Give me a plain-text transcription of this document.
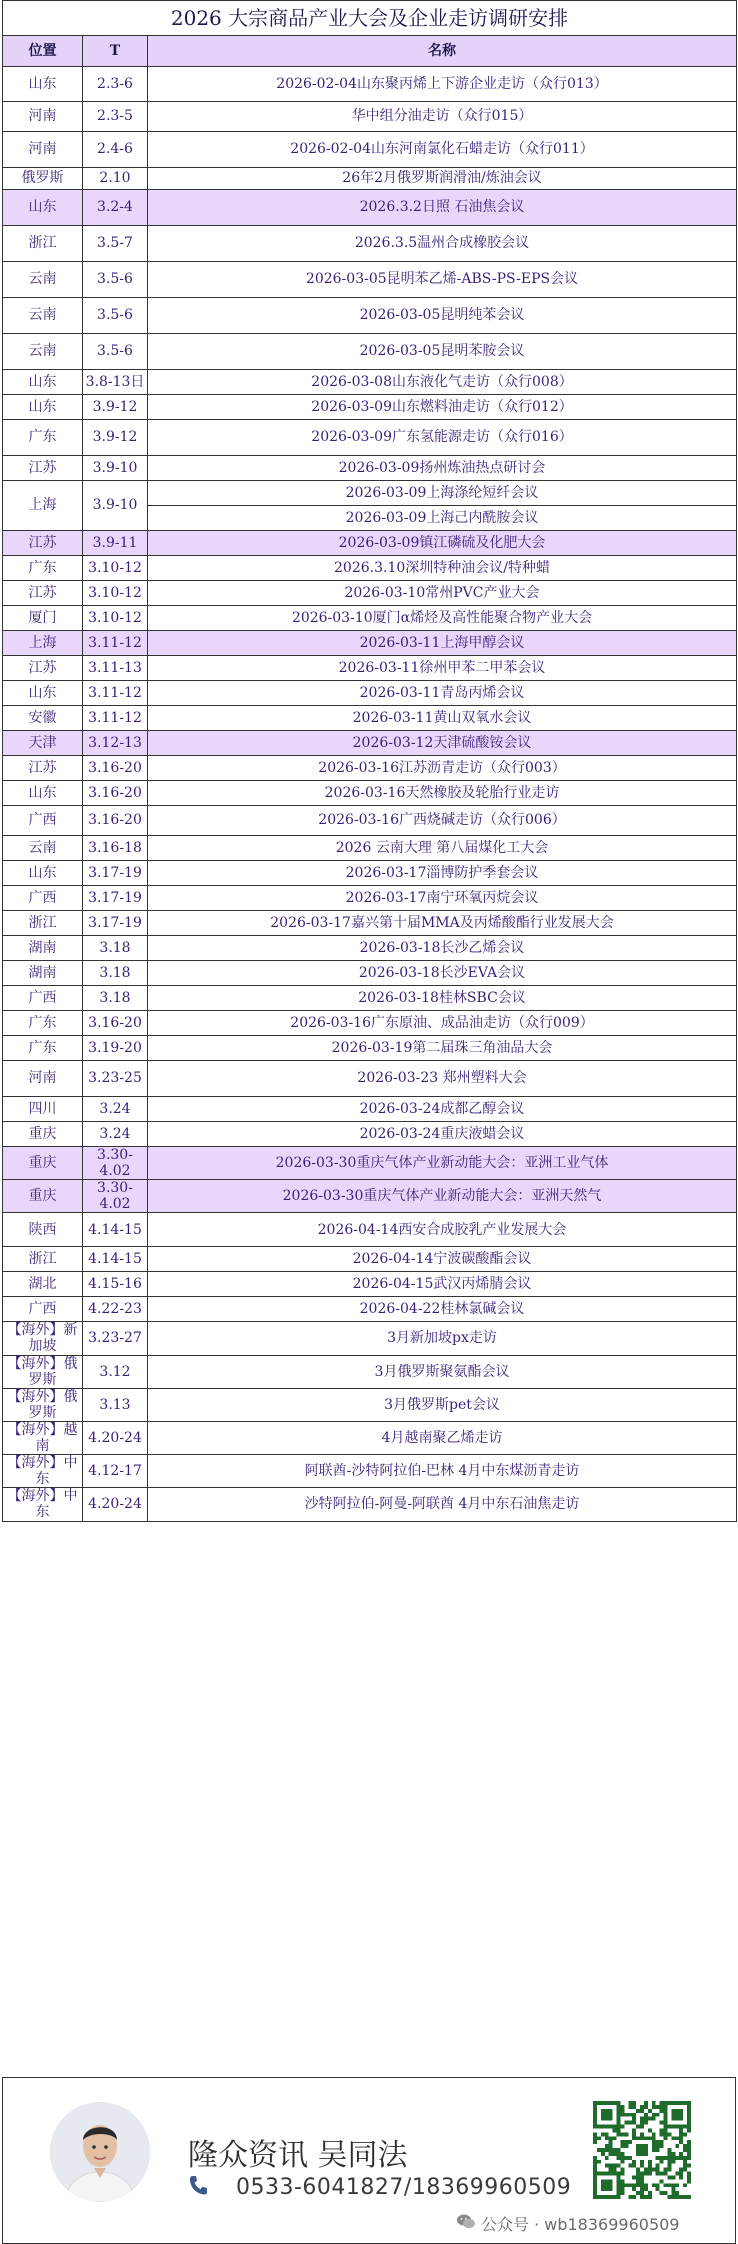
2026 大宗商品产业大会及企业走访调研安排		
位置	T	名称
山东	2.3-6	2026-02-04山东聚丙烯上下游企业走访（众行013）
河南	2.3-5	华中组分油走访（众行015）
河南	2.4-6	2026-02-04山东河南氯化石蜡走访（众行011）
俄罗斯	2.10	26年2月俄罗斯润滑油/炼油会议
山东	3.2-4	2026.3.2日照 石油焦会议
浙江	3.5-7	2026.3.5温州合成橡胶会议
云南	3.5-6	2026-03-05昆明苯乙烯-ABS-PS-EPS会议
云南	3.5-6	2026-03-05昆明纯苯会议
云南	3.5-6	2026-03-05昆明苯胺会议
山东	3.8-13日	2026-03-08山东液化气走访（众行008）
山东	3.9-12	2026-03-09山东燃料油走访（众行012）
广东	3.9-12	2026-03-09广东氢能源走访（众行016）
江苏	3.9-10	2026-03-09扬州炼油热点研讨会
上海	3.9-10	2026-03-09上海涤纶短纤会议
		2026-03-09上海己内酰胺会议
江苏	3.9-11	2026-03-09镇江磷硫及化肥大会
广东	3.10-12	2026.3.10深圳特种油会议/特种蜡
江苏	3.10-12	2026-03-10常州PVC产业大会
厦门	3.10-12	2026-03-10厦门α烯烃及高性能聚合物产业大会
上海	3.11-12	2026-03-11上海甲醇会议
江苏	3.11-13	2026-03-11徐州甲苯二甲苯会议
山东	3.11-12	2026-03-11青岛丙烯会议
安徽	3.11-12	2026-03-11黄山双氧水会议
天津	3.12-13	2026-03-12天津硫酸铵会议
江苏	3.16-20	2026-03-16江苏沥青走访（众行003）
山东	3.16-20	2026-03-16天然橡胶及轮胎行业走访
广西	3.16-20	2026-03-16广西烧碱走访（众行006）
云南	3.16-18	2026 云南大理 第八届煤化工大会
山东	3.17-19	2026-03-17淄博防护季套会议
广西	3.17-19	2026-03-17南宁环氧丙烷会议
浙江	3.17-19	2026-03-17嘉兴第十届MMA及丙烯酸酯行业发展大会
湖南	3.18	2026-03-18长沙乙烯会议
湖南	3.18	2026-03-18长沙EVA会议
广西	3.18	2026-03-18桂林SBC会议
广东	3.16-20	2026-03-16广东原油、成品油走访（众行009）
广东	3.19-20	2026-03-19第二届珠三角油品大会
河南	3.23-25	2026-03-23 郑州塑料大会
四川	3.24	2026-03-24成都乙醇会议
重庆	3.24	2026-03-24重庆液蜡会议
重庆	3.30-4.02	2026-03-30重庆气体产业新动能大会：亚洲工业气体
重庆	3.30-4.02	2026-03-30重庆气体产业新动能大会：亚洲天然气
陕西	4.14-15	2026-04-14西安合成胶乳产业发展大会
浙江	4.14-15	2026-04-14宁波碳酸酯会议
湖北	4.15-16	2026-04-15武汉丙烯腈会议
广西	4.22-23	2026-04-22桂林氯碱会议
【海外】新加坡	3.23-27	3月新加坡px走访
【海外】俄罗斯	3.12	3月俄罗斯聚氨酯会议
【海外】俄罗斯	3.13	3月俄罗斯pet会议
【海外】越南	4.20-24	4月越南聚乙烯走访
【海外】中东	4.12-17	阿联酋-沙特阿拉伯-巴林 4月中东煤沥青走访
【海外】中东	4.20-24	沙特阿拉伯-阿曼-阿联酋 4月中东石油焦走访
隆众资讯 吴同法
0533-6041827/18369960509
公众号 · wb18369960509
